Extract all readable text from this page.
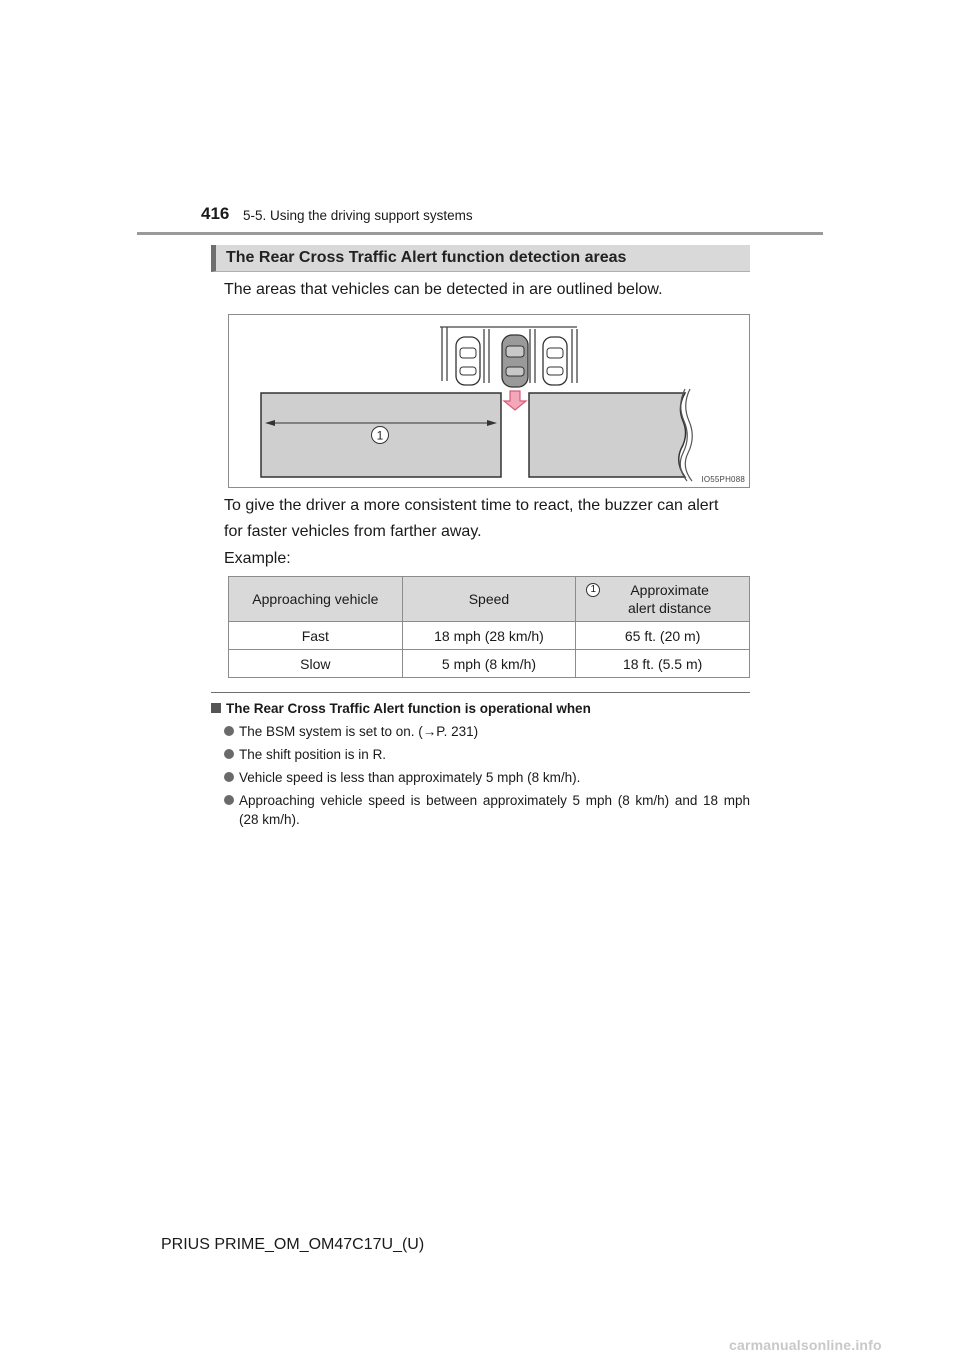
416 5-5. Using the driving support systems
The Rear Cross Traffic Alert function detection areas
The areas that vehicles can be detected in are outlined below.
1
IO55PH088
To give the driver a more consistent time to react, the buzzer can alert
for faster vehicles from farther away.
Example:
Approaching vehicle	Speed	1 Approximate
alert distance
Fast	18 mph (28 km/h)	65 ft. (20 m)
Slow	5 mph (8 km/h)	18 ft. (5.5 m)
The Rear Cross Traffic Alert function is operational when
The BSM system is set to on. (→P. 231)
The shift position is in R.
Vehicle speed is less than approximately 5 mph (8 km/h).
Approaching vehicle speed is between approximately 5 mph (8 km/h) and 18 mph (28 km/h).
PRIUS PRIME_OM_OM47C17U_(U)
carmanualsonline.info
